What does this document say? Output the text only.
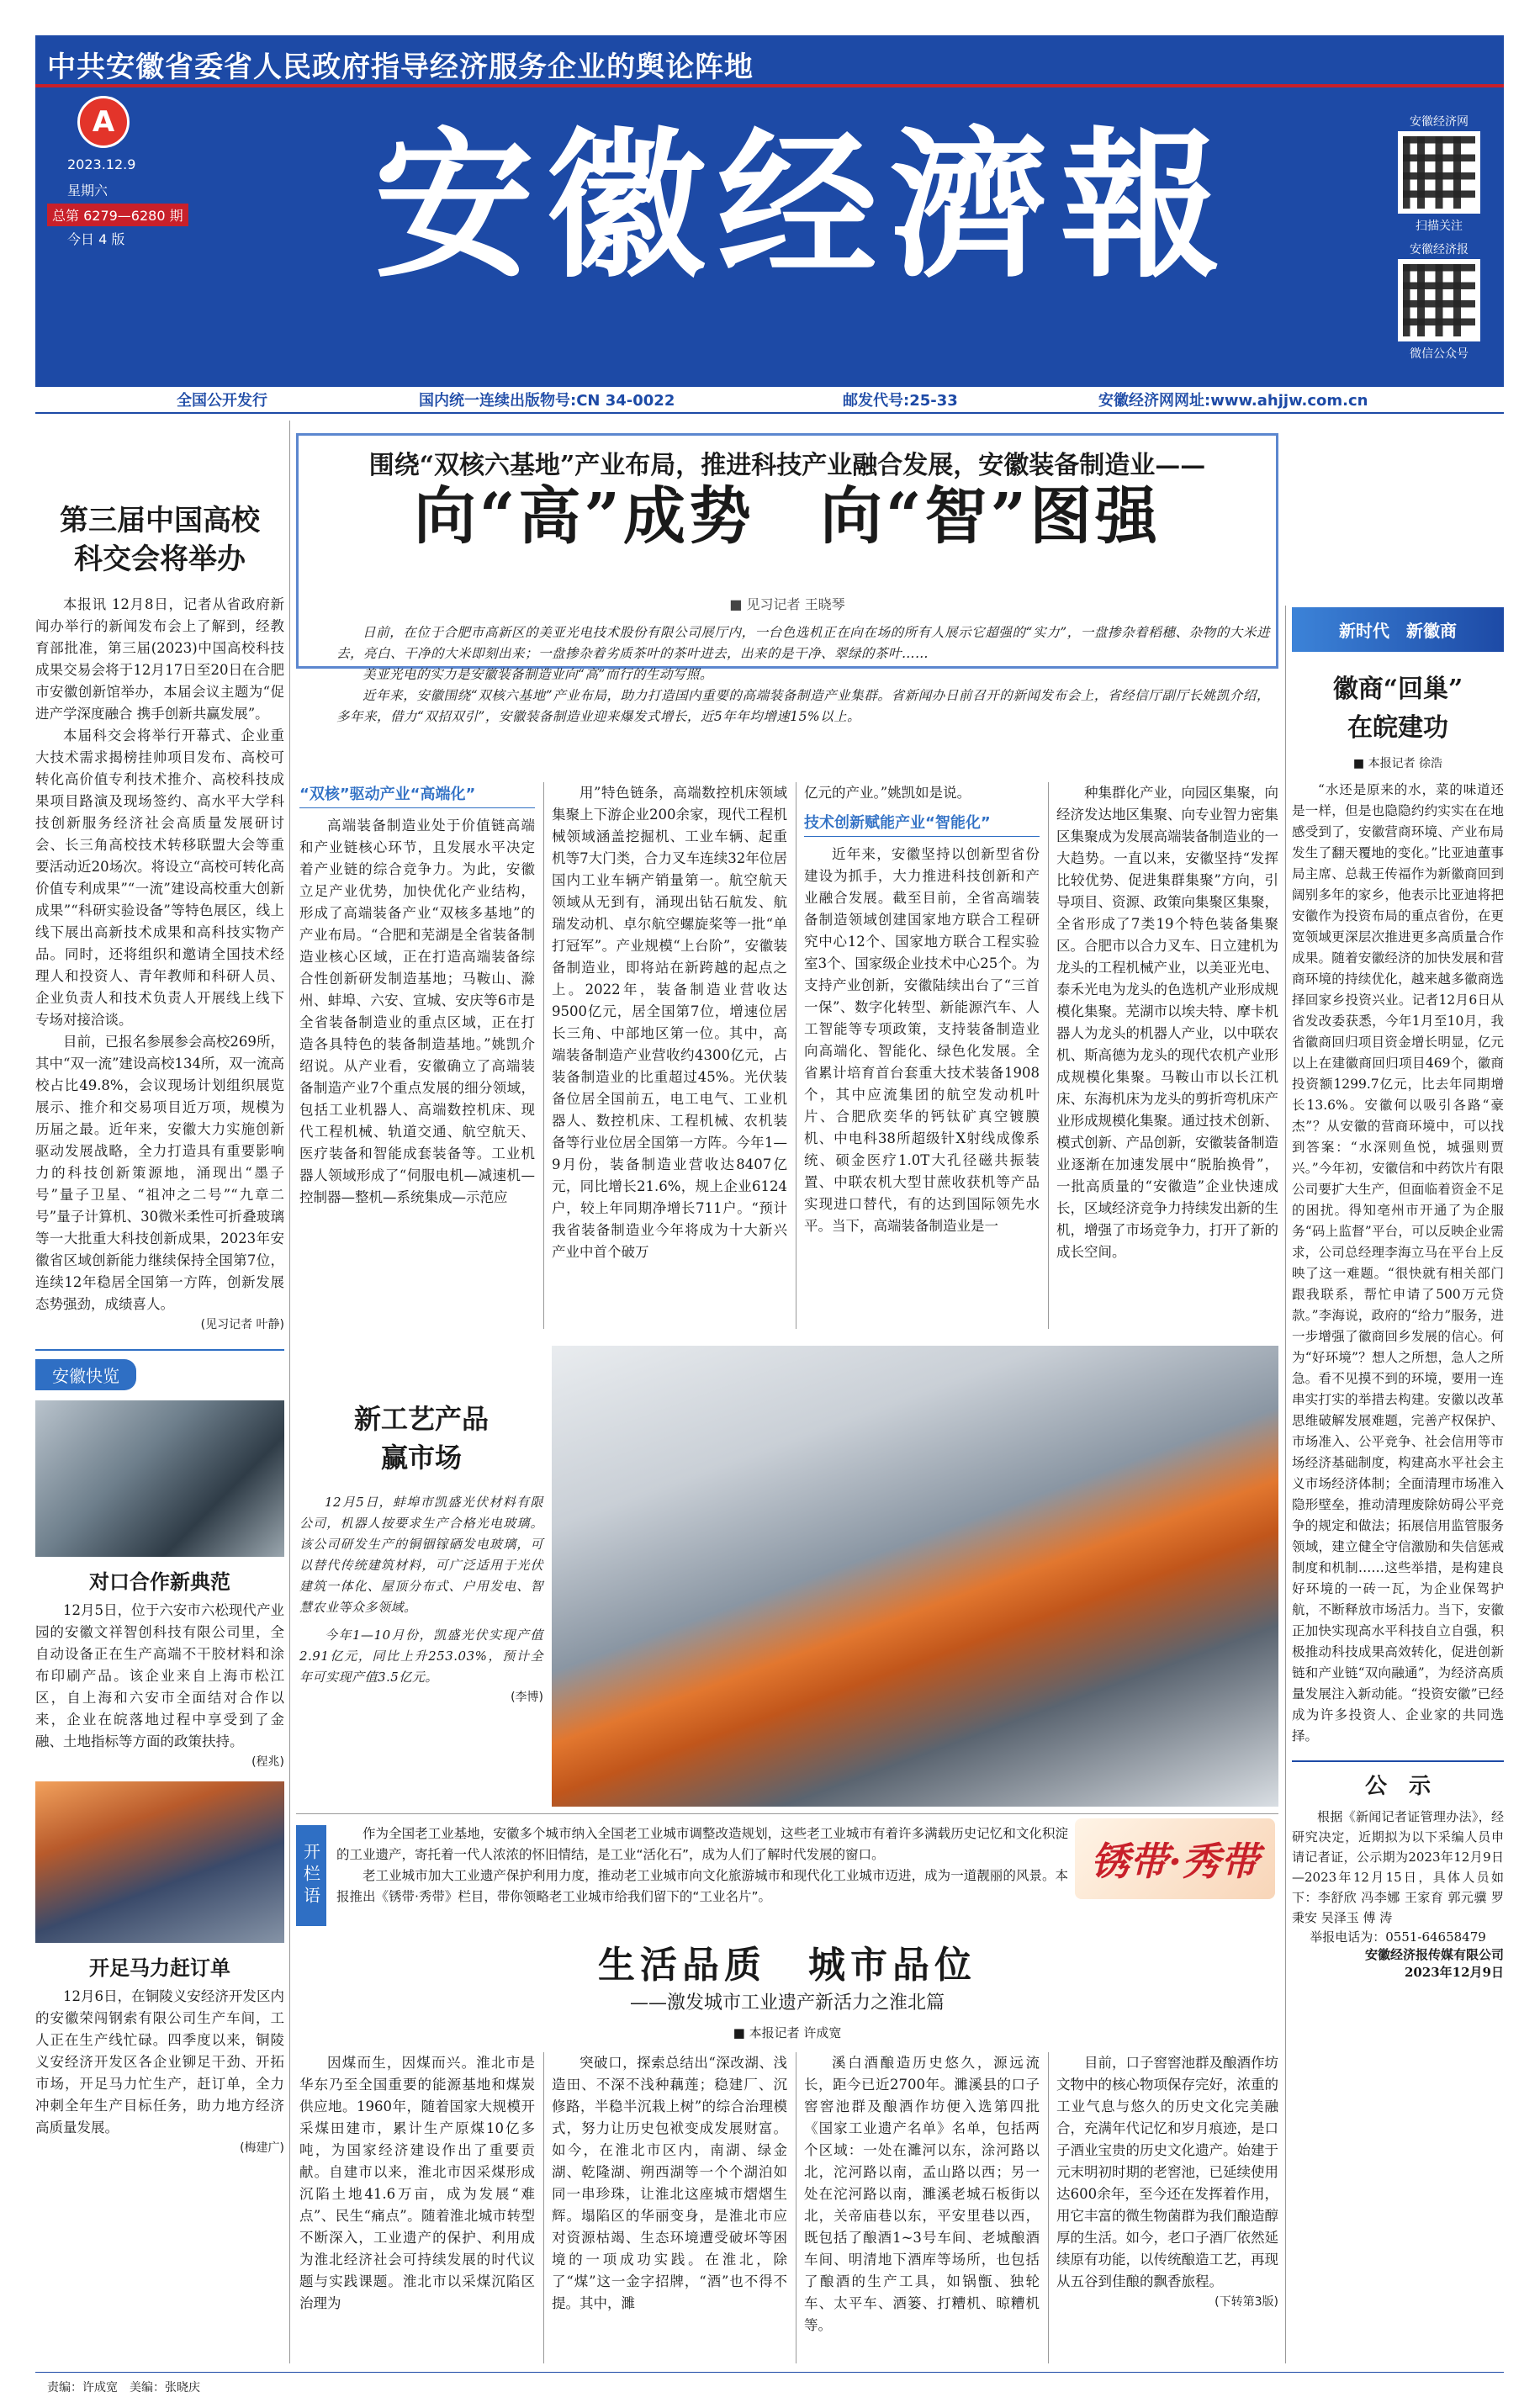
中共安徽省委省人民政府指导经济服务企业的舆论阵地
A
2023.12.9
星期六
总第 6279—6280 期
今日 4 版	安徽经濟報	安徽经济网
扫描关注
安徽经济报
微信公众号
全国公开发行	国内统一连续出版物号:CN 34-0022	邮发代号:25-33	安徽经济网网址:www.ahjjw.com.cn
第三届中国高校
科交会将举办

本报讯 12月8日，记者从省政府新闻办举行的新闻发布会上了解到，经教育部批准，第三届(2023)中国高校科技成果交易会将于12月17日至20日在合肥市安徽创新馆举办，本届会议主题为“促进产学深度融合 携手创新共赢发展”。

本届科交会将举行开幕式、企业重大技术需求揭榜挂帅项目发布、高校可转化高价值专利技术推介、高校科技成果项目路演及现场签约、高水平大学科技创新服务经济社会高质量发展研讨会、长三角高校技术转移联盟大会等重要活动近20场次。将设立“高校可转化高价值专利成果”“一流”建设高校重大创新成果”“科研实验设备”等特色展区，线上线下展出高新技术成果和高科技实物产品。同时，还将组织和邀请全国技术经理人和投资人、青年教师和科研人员、企业负责人和技术负责人开展线上线下专场对接洽谈。

目前，已报名参展参会高校269所，其中“双一流”建设高校134所，双一流高校占比49.8%，会议现场计划组织展览展示、推介和交易项目近万项，规模为历届之最。近年来，安徽大力实施创新驱动发展战略，全力打造具有重要影响力的科技创新策源地，涌现出“墨子号”量子卫星、“祖冲之二号”“九章二号”量子计算机、30微米柔性可折叠玻璃等一大批重大科技创新成果，2023年安徽省区域创新能力继续保持全国第7位，连续12年稳居全国第一方阵，创新发展态势强劲，成绩喜人。

(见习记者 叶静)
安徽快览
对口合作新典范

12月5日，位于六安市六松现代产业园的安徽文祥智创科技有限公司里，全自动设备正在生产高端不干胶材料和涂布印刷产品。该企业来自上海市松江区，自上海和六安市全面结对合作以来，企业在皖落地过程中享受到了金融、土地指标等方面的政策扶持。

(程兆)
开足马力赶订单

12月6日，在铜陵义安经济开发区内的安徽荣闯钢索有限公司生产车间，工人正在生产线忙碌。四季度以来，铜陵义安经济开发区各企业铆足干劲、开拓市场，开足马力忙生产，赶订单，全力冲刺全年生产目标任务，助力地方经济高质量发展。

(梅建广)
围绕“双核六基地”产业布局，推进科技产业融合发展，安徽装备制造业——
向“高”成势　向“智”图强
■ 见习记者 王晓琴

日前，在位于合肥市高新区的美亚光电技术股份有限公司展厅内，一台色选机正在向在场的所有人展示它超强的“实力”，一盘掺杂着稻穗、杂物的大米进去，亮白、干净的大米即刻出来；一盘掺杂着劣质茶叶的茶叶进去，出来的是干净、翠绿的茶叶……

美亚光电的实力是安徽装备制造业向“高”而行的生动写照。

近年来，安徽围绕“双核六基地”产业布局，助力打造国内重要的高端装备制造产业集群。省新闻办日前召开的新闻发布会上，省经信厅副厅长姚凯介绍，多年来，借力“双招双引”，安徽装备制造业迎来爆发式增长，近5年年均增速15%以上。

“双核”驱动产业“高端化”

高端装备制造业处于价值链高端和产业链核心环节，且发展水平决定着产业链的综合竞争力。为此，安徽立足产业优势，加快优化产业结构，形成了高端装备产业“双核多基地”的产业布局。“合肥和芜湖是全省装备制造业核心区域，正在打造高端装备综合性创新研发制造基地；马鞍山、滁州、蚌埠、六安、宣城、安庆等6市是全省装备制造业的重点区域，正在打造各具特色的装备制造基地。”姚凯介绍说。从产业看，安徽确立了高端装备制造产业7个重点发展的细分领域，包括工业机器人、高端数控机床、现代工程机械、轨道交通、航空航天、医疗装备和智能成套装备等。工业机器人领域形成了“伺服电机—减速机—控制器—整机—系统集成—示范应

用”特色链条，高端数控机床领域集聚上下游企业200余家，现代工程机械领域涵盖挖掘机、工业车辆、起重机等7大门类，合力叉车连续32年位居国内工业车辆产销量第一。航空航天领域从无到有，涌现出钻石航发、航瑞发动机、卓尔航空螺旋桨等一批“单打冠军”。产业规模“上台阶”，安徽装备制造业，即将站在新跨越的起点之上。2022年，装备制造业营收达9500亿元，居全国第7位，增速位居长三角、中部地区第一位。其中，高端装备制造产业营收约4300亿元，占装备制造业的比重超过45%。光伏装备位居全国前五，电工电气、工业机器人、数控机床、工程机械、农机装备等行业位居全国第一方阵。今年1—9月份，装备制造业营收达8407亿元，同比增长21.6%，规上企业6124户，较上年同期净增长711户。“预计我省装备制造业今年将成为十大新兴产业中首个破万

亿元的产业。”姚凯如是说。

技术创新赋能产业“智能化”

近年来，安徽坚持以创新型省份建设为抓手，大力推进科技创新和产业融合发展。截至目前，全省高端装备制造领域创建国家地方联合工程研究中心12个、国家地方联合工程实验室3个、国家级企业技术中心25个。为支持产业创新，安徽陆续出台了“三首一保”、数字化转型、新能源汽车、人工智能等专项政策，支持装备制造业向高端化、智能化、绿色化发展。全省累计培育首台套重大技术装备1908个，其中应流集团的航空发动机叶片、合肥欣奕华的钙钛矿真空镀膜机、中电科38所超级针X射线成像系统、硕金医疗1.0T大孔径磁共振装置、中联农机大型甘蔗收获机等产品实现进口替代，有的达到国际领先水平。当下，高端装备制造业是一

种集群化产业，向园区集聚，向经济发达地区集聚、向专业智力密集区集聚成为发展高端装备制造业的一大趋势。一直以来，安徽坚持“发挥比较优势、促进集群集聚”方向，引导项目、资源、政策向集聚区集聚，全省形成了7类19个特色装备集聚区。合肥市以合力叉车、日立建机为龙头的工程机械产业，以美亚光电、泰禾光电为龙头的色选机产业形成规模化集聚。芜湖市以埃夫特、摩卡机器人为龙头的机器人产业，以中联农机、斯高德为龙头的现代农机产业形成规模化集聚。马鞍山市以长江机床、东海机床为龙头的剪折弯机床产业形成规模化集聚。通过技术创新、模式创新、产品创新，安徽装备制造业逐渐在加速发展中“脱胎换骨”，一批高质量的“安徽造”企业快速成长，区域经济竞争力持续发出新的生机，增强了市场竞争力，打开了新的成长空间。

新工艺产品
赢市场

12月5日，蚌埠市凯盛光伏材料有限公司，机器人按要求生产合格光电玻璃。该公司研发生产的铜铟镓硒发电玻璃，可以替代传统建筑材料，可广泛适用于光伏建筑一体化、屋顶分布式、户用发电、智慧农业等众多领域。

今年1—10月份，凯盛光伏实现产值2.91亿元，同比上升253.03%，预计全年可实现产值3.5亿元。

(李博)
新时代　新徽商
徽商“回巢”
在皖建功
■ 本报记者 徐浩

“水还是原来的水，菜的味道还是一样，但是也隐隐约约实实在在地感受到了，安徽营商环境、产业布局发生了翻天覆地的变化。”比亚迪董事局主席、总裁王传福作为新徽商回到阔别多年的家乡，他表示比亚迪将把安徽作为投资布局的重点省份，在更宽领域更深层次推进更多高质量合作成果。随着安徽经济的加快发展和营商环境的持续优化，越来越多徽商选择回家乡投资兴业。记者12月6日从省发改委获悉，今年1月至10月，我省徽商回归项目资金增长明显，亿元以上在建徽商回归项目469个，徽商投资额1299.7亿元，比去年同期增长13.6%。安徽何以吸引各路“豪杰”？从安徽的营商环境中，可以找到答案：“水深则鱼悦，城强则贾兴。”今年初，安徽信和中药饮片有限公司要扩大生产，但面临着资金不足的困扰。得知亳州市开通了为企服务“码上监督”平台，可以反映企业需求，公司总经理李海立马在平台上反映了这一难题。“很快就有相关部门跟我联系，帮忙申请了500万元贷款。”李海说，政府的“给力”服务，进一步增强了徽商回乡发展的信心。何为“好环境”？想人之所想，急人之所急。看不见摸不到的环境，要用一连串实打实的举措去构建。安徽以改革思维破解发展难题，完善产权保护、市场准入、公平竞争、社会信用等市场经济基础制度，构建高水平社会主义市场经济体制；全面清理市场准入隐形壁垒，推动清理废除妨碍公平竞争的规定和做法；拓展信用监管服务领域，建立健全守信激励和失信惩戒制度和机制……这些举措，是构建良好环境的一砖一瓦，为企业保驾护航，不断释放市场活力。当下，安徽正加快实现高水平科技自立自强，积极推动科技成果高效转化，促进创新链和产业链“双向融通”，为经济高质量发展注入新动能。“投资安徽”已经成为许多投资人、企业家的共同选择。

公　示

根据《新闻记者证管理办法》，经研究决定，近期拟为以下采编人员申请记者证，公示期为2023年12月9日—2023年12月15日，具体人员如下：李舒欣 冯李娜 王家育 郭元骥 罗秉安 吴泽玉 傅 涛

举报电话为：0551-64658479
安徽经济报传媒有限公司
2023年12月9日
开栏语

作为全国老工业基地，安徽多个城市纳入全国老工业城市调整改造规划，这些老工业城市有着许多满载历史记忆和文化积淀的工业遗产，寄托着一代人浓浓的怀旧情结，是工业“活化石”，成为人们了解时代发展的窗口。

老工业城市加大工业遗产保护利用力度，推动老工业城市向文化旅游城市和现代化工业城市迈进，成为一道靓丽的风景。本报推出《锈带·秀带》栏目，带你领略老工业城市给我们留下的“工业名片”。

锈带·秀带
生活品质　城市品位
——激发城市工业遗产新活力之淮北篇
■ 本报记者 许成宽

因煤而生，因煤而兴。淮北市是华东乃至全国重要的能源基地和煤炭供应地。1960年，随着国家大规模开采煤田建市，累计生产原煤10亿多吨，为国家经济建设作出了重要贡献。自建市以来，淮北市因采煤形成沉陷土地41.6万亩，成为发展“难点”、民生“痛点”。随着淮北城市转型不断深入，工业遗产的保护、利用成为淮北经济社会可持续发展的时代议题与实践课题。淮北市以采煤沉陷区治理为

突破口，探索总结出“深改湖、浅造田、不深不浅种藕莲；稳建厂、沉修路，半稳半沉栽上树”的综合治理模式，努力让历史包袱变成发展财富。如今，在淮北市区内，南湖、绿金湖、乾隆湖、朔西湖等一个个湖泊如同一串珍珠，让淮北这座城市熠熠生辉。塌陷区的华丽变身，是淮北市应对资源枯竭、生态环境遭受破坏等困境的一项成功实践。在淮北，除了“煤”这一金字招牌，“酒”也不得不提。其中，濉

溪白酒酿造历史悠久，源远流长，距今已近2700年。濉溪县的口子窖窖池群及酿酒作坊便入选第四批《国家工业遗产名单》名单，包括两个区域：一处在濉河以东，涂河路以北，沱河路以南，孟山路以西；另一处在沱河路以南，濉溪老城石板街以北，关帝庙巷以东，平安里巷以西，既包括了酿酒1~3号车间、老城酿酒车间、明清地下酒库等场所，也包括了酿酒的生产工具，如锅甑、独轮车、太平车、酒篓、打糟机、晾糟机等。

目前，口子窖窖池群及酿酒作坊文物中的核心物项保存完好，浓重的工业气息与悠久的历史文化完美融合，充满年代记忆和岁月痕迹，是口子酒业宝贵的历史文化遗产。始建于元末明初时期的老窖池，已延续使用达600余年，至今还在发挥着作用，用它丰富的微生物菌群为我们酿造醇厚的生活。如今，老口子酒厂依然延续原有功能，以传统酿造工艺，再现从五谷到佳酿的飘香旅程。

(下转第3版)
责编：许成宽　美编：张晓庆
